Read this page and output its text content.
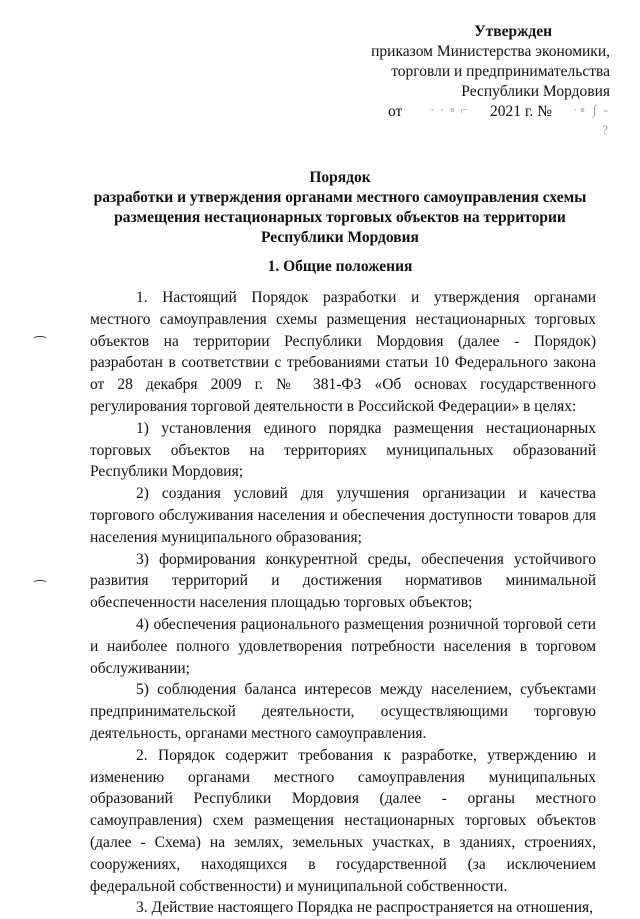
Утвержден
приказом Министерства экономики,
торговли и предпринимательства
Республики Мордовия
от · · ∘ ⌐ 2021 г. №	·∘ ∫ - ?
Порядок
разработки и утверждения органами местного самоуправления схемы
размещения нестационарных торговых объектов на территории
Республики Мордовия
1. Общие положения

1. Настоящий Порядок разработки и утверждения органами местного самоуправления схемы размещения нестационарных торговых объектов на территории Республики Мордовия (далее - Порядок) разработан в соответствии с требованиями статьи 10 Федерального закона от 28 декабря 2009 г. № 381-ФЗ «Об основах государственного регулирования торговой деятельности в Российской Федерации» в целях:

1) установления единого порядка размещения нестационарных торговых объектов на территориях муниципальных образований Республики Мордовия;

2) создания условий для улучшения организации и качества торгового обслуживания населения и обеспечения доступности товаров для населения муниципального образования;

3) формирования конкурентной среды, обеспечения устойчивого развития территорий и достижения нормативов минимальной обеспеченности населения площадью торговых объектов;

4) обеспечения рационального размещения розничной торговой сети и наиболее полного удовлетворения потребности населения в торговом обслуживании;

5) соблюдения баланса интересов между населением, субъектами предпринимательской деятельности, осуществляющими торговую деятельность, органами местного самоуправления.

2. Порядок содержит требования к разработке, утверждению и изменению органами местного самоуправления муниципальных образований Республики Мордовия (далее - органы местного самоуправления) схем размещения нестационарных торговых объектов (далее - Схема) на землях, земельных участках, в зданиях, строениях, сооружениях, находящихся в государственной (за исключением федеральной собственности) и муниципальной собственности.

3. Действие настоящего Порядка не распространяется на отношения,
